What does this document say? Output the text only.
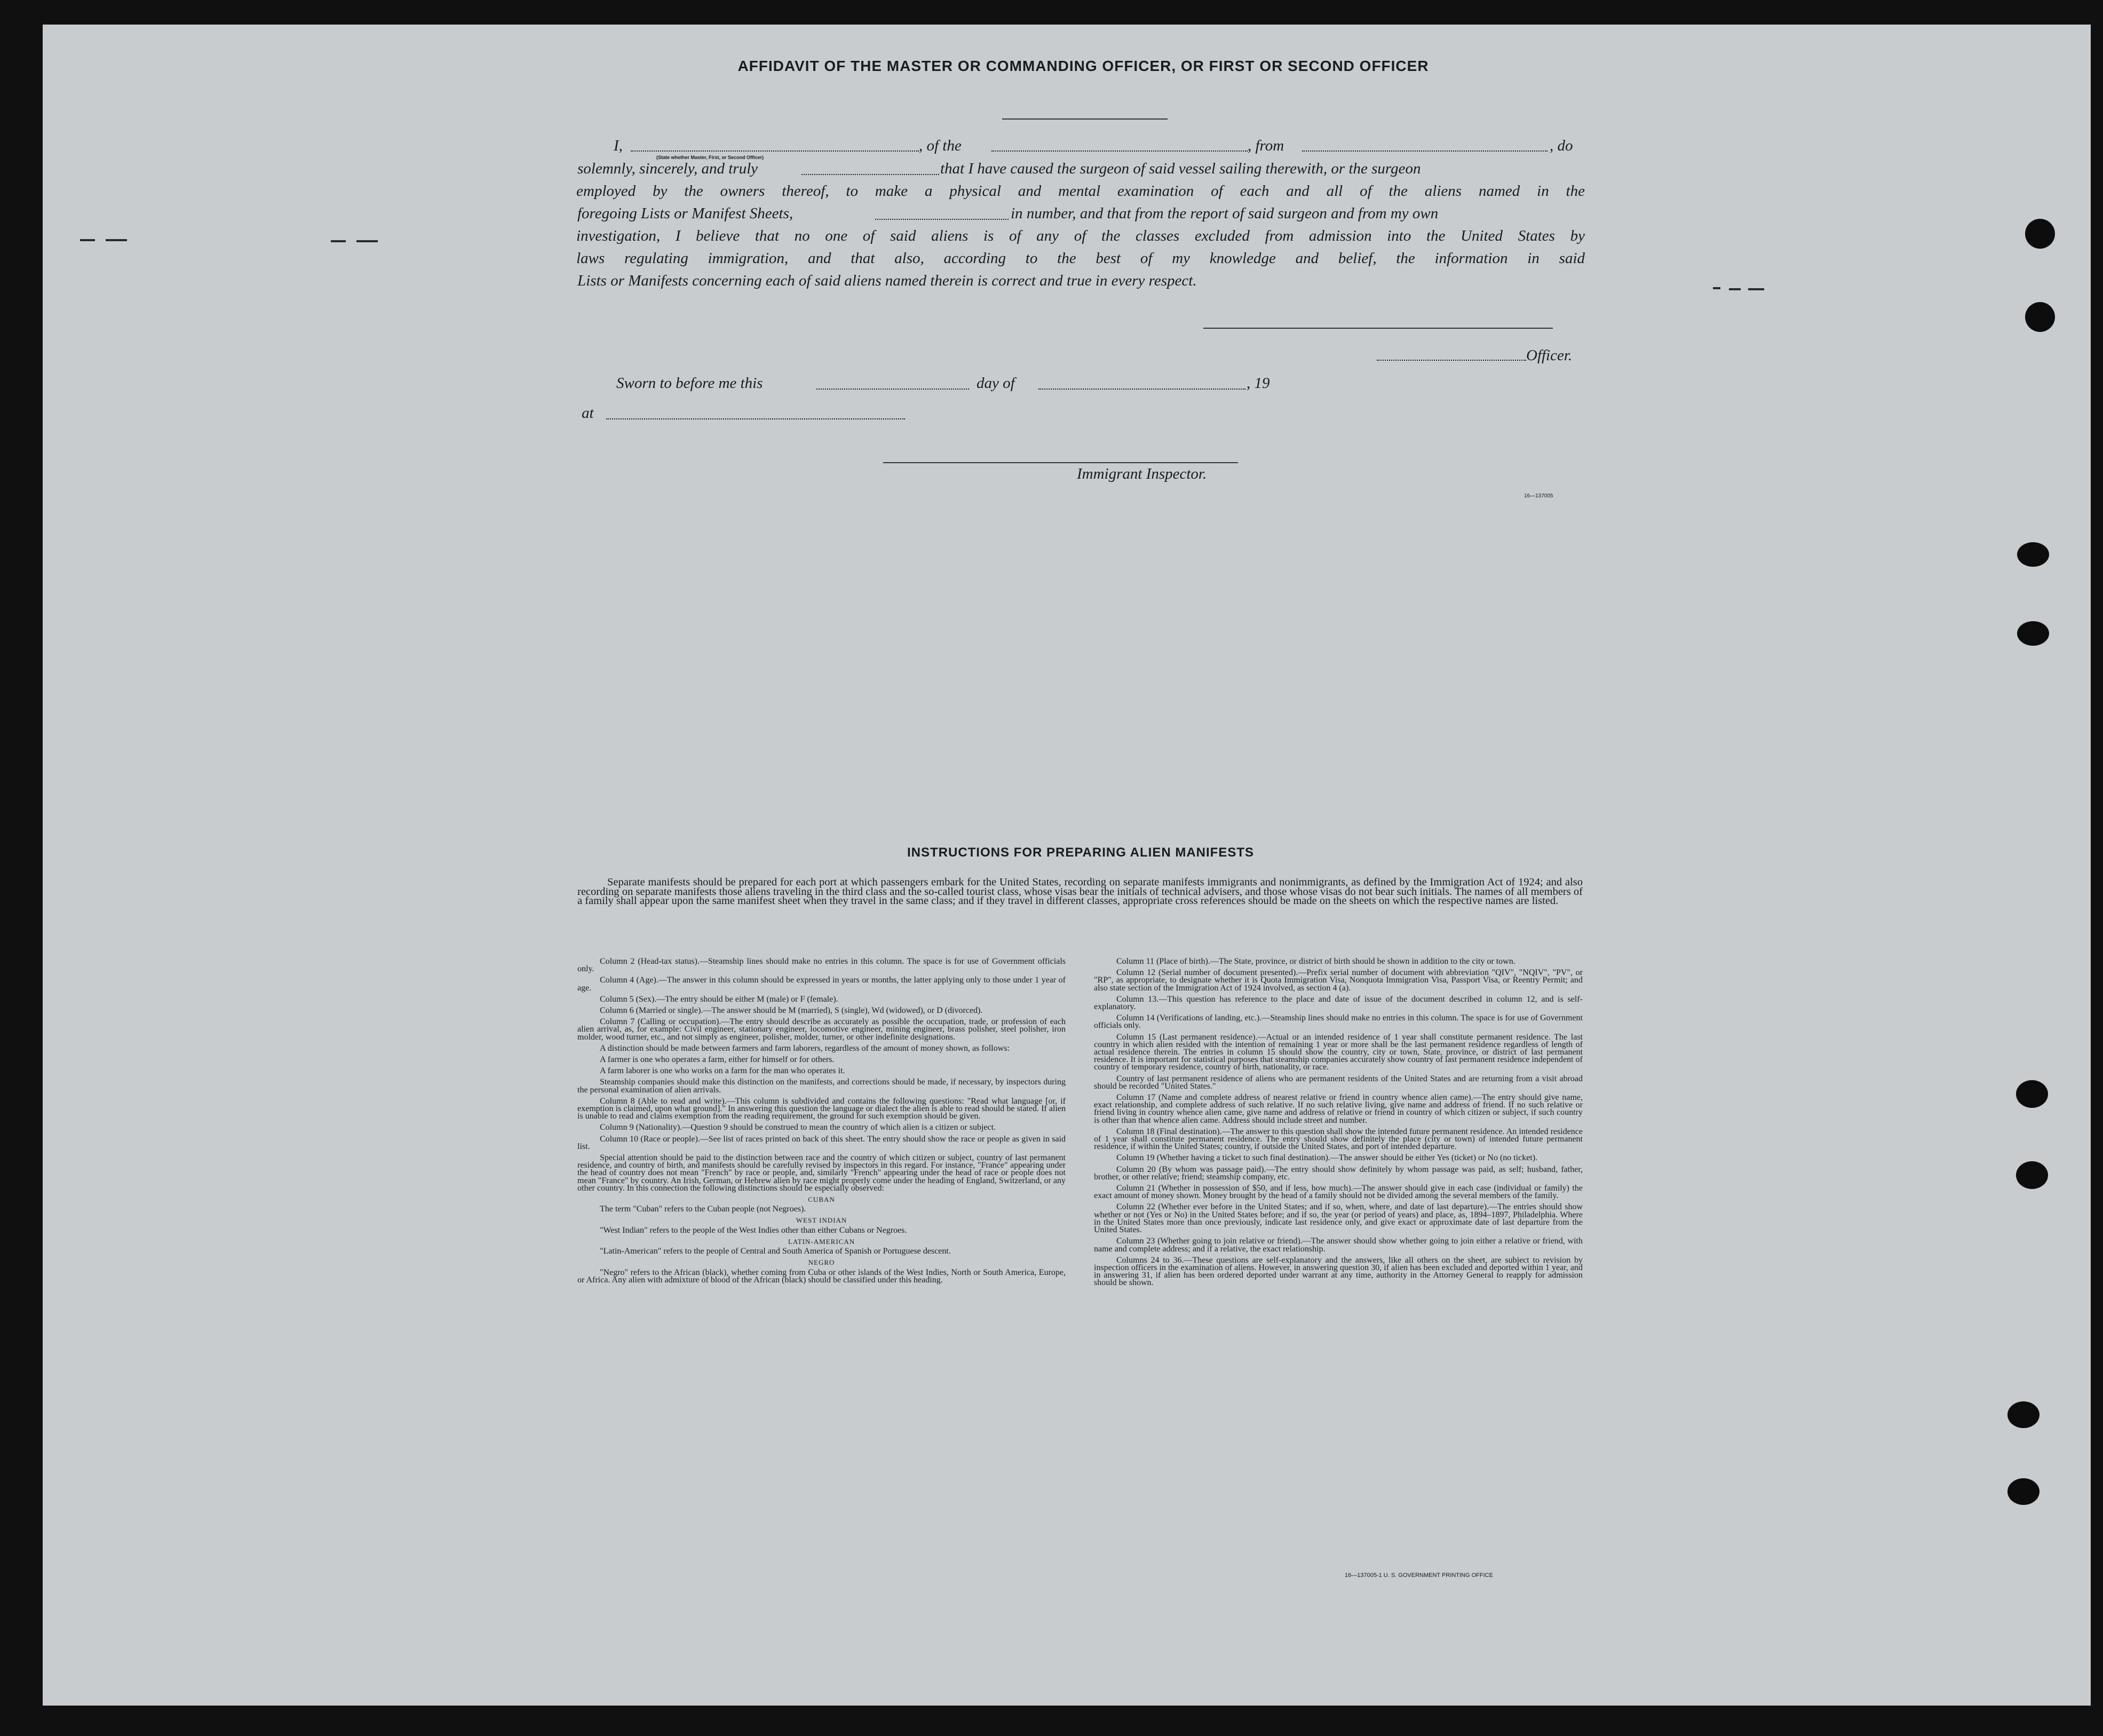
AFFIDAVIT OF THE MASTER OR COMMANDING OFFICER, OR FIRST OR SECOND OFFICER
I,
(State whether Master, First, or Second Officer)
, of the	, from	, do
solemnly, sincerely, and truly	that I have caused the surgeon of said vessel sailing therewith, or the surgeon
employed by the owners thereof, to make a physical and mental examination of each and all of the aliens named in the
foregoing Lists or Manifest Sheets,	in number, and that from the report of said surgeon and from my own
investigation, I believe that no one of said aliens is of any of the classes excluded from admission into the United States by
laws regulating immigration, and that also, according to the best of my knowledge and belief, the information in said
Lists or Manifests concerning each of said aliens named therein is correct and true in every respect.
Officer.
Sworn to before me this	day of	, 19
at
Immigrant Inspector.
16—137005
INSTRUCTIONS FOR PREPARING ALIEN MANIFESTS
Separate manifests should be prepared for each port at which passengers embark for the United States, recording on separate manifests immigrants and nonimmigrants, as defined by the Immigration Act of 1924; and also recording on separate manifests those aliens traveling in the third class and the so-called tourist class, whose visas bear the initials of technical advisers, and those whose visas do not bear such initials. The names of all members of a family shall appear upon the same manifest sheet when they travel in the same class; and if they travel in different classes, appropriate cross references should be made on the sheets on which the respective names are listed.

Column 2 (Head-tax status).—Steamship lines should make no entries in this column. The space is for use of Government officials only.

Column 4 (Age).—The answer in this column should be expressed in years or months, the latter applying only to those under 1 year of age.

Column 5 (Sex).—The entry should be either M (male) or F (female).

Column 6 (Married or single).—The answer should be M (married), S (single), Wd (widowed), or D (divorced).

Column 7 (Calling or occupation).—The entry should describe as accurately as possible the occupation, trade, or profession of each alien arrival, as, for example: Civil engineer, stationary engineer, locomotive engineer, mining engineer, brass polisher, steel polisher, iron molder, wood turner, etc., and not simply as engineer, polisher, molder, turner, or other indefinite designations.

A distinction should be made between farmers and farm laborers, regardless of the amount of money shown, as follows:

A farmer is one who operates a farm, either for himself or for others.

A farm laborer is one who works on a farm for the man who operates it.

Steamship companies should make this distinction on the manifests, and corrections should be made, if necessary, by inspectors during the personal examination of alien arrivals.

Column 8 (Able to read and write).—This column is subdivided and contains the following questions: "Read what language [or, if exemption is claimed, upon what ground]." In answering this question the language or dialect the alien is able to read should be stated. If alien is unable to read and claims exemption from the reading requirement, the ground for such exemption should be given.

Column 9 (Nationality).—Question 9 should be construed to mean the country of which alien is a citizen or subject.

Column 10 (Race or people).—See list of races printed on back of this sheet. The entry should show the race or people as given in said list.

Special attention should be paid to the distinction between race and the country of which citizen or subject, country of last permanent residence, and country of birth, and manifests should be carefully revised by inspectors in this regard. For instance, "France" appearing under the head of country does not mean "French" by race or people, and, similarly "French" appearing under the head of race or people does not mean "France" by country. An Irish, German, or Hebrew alien by race might properly come under the heading of England, Switzerland, or any other country. In this connection the following distinctions should be especially observed:

CUBAN

The term "Cuban" refers to the Cuban people (not Negroes).

WEST INDIAN

"West Indian" refers to the people of the West Indies other than either Cubans or Negroes.

LATIN-AMERICAN

"Latin-American" refers to the people of Central and South America of Spanish or Portuguese descent.

NEGRO

"Negro" refers to the African (black), whether coming from Cuba or other islands of the West Indies, North or South America, Europe, or Africa. Any alien with admixture of blood of the African (black) should be classified under this heading.

Column 11 (Place of birth).—The State, province, or district of birth should be shown in addition to the city or town.

Column 12 (Serial number of document presented).—Prefix serial number of document with abbreviation "QIV", "NQIV", "PV", or "RP", as appropriate, to designate whether it is Quota Immigration Visa, Nonquota Immigration Visa, Passport Visa, or Reentry Permit; and also state section of the Immigration Act of 1924 involved, as section 4 (a).

Column 13.—This question has reference to the place and date of issue of the document described in column 12, and is self-explanatory.

Column 14 (Verifications of landing, etc.).—Steamship lines should make no entries in this column. The space is for use of Government officials only.

Column 15 (Last permanent residence).—Actual or an intended residence of 1 year shall constitute permanent residence. The last country in which alien resided with the intention of remaining 1 year or more shall be the last permanent residence regardless of length of actual residence therein. The entries in column 15 should show the country, city or town, State, province, or district of last permanent residence. It is important for statistical purposes that steamship companies accurately show country of last permanent residence independent of country of temporary residence, country of birth, nationality, or race.

Country of last permanent residence of aliens who are permanent residents of the United States and are returning from a visit abroad should be recorded "United States."

Column 17 (Name and complete address of nearest relative or friend in country whence alien came).—The entry should give name, exact relationship, and complete address of such relative. If no such relative living, give name and address of friend. If no such relative or friend living in country whence alien came, give name and address of relative or friend in country of which citizen or subject, if such country is other than that whence alien came. Address should include street and number.

Column 18 (Final destination).—The answer to this question shall show the intended future permanent residence. An intended residence of 1 year shall constitute permanent residence. The entry should show definitely the place (city or town) of intended future permanent residence, if within the United States; country, if outside the United States, and port of intended departure.

Column 19 (Whether having a ticket to such final destination).—The answer should be either Yes (ticket) or No (no ticket).

Column 20 (By whom was passage paid).—The entry should show definitely by whom passage was paid, as self; husband, father, brother, or other relative; friend; steamship company, etc.

Column 21 (Whether in possession of $50, and if less, how much).—The answer should give in each case (individual or family) the exact amount of money shown. Money brought by the head of a family should not be divided among the several members of the family.

Column 22 (Whether ever before in the United States; and if so, when, where, and date of last departure).—The entries should show whether or not (Yes or No) in the United States before; and if so, the year (or period of years) and place, as, 1894–1897, Philadelphia. Where in the United States more than once previously, indicate last residence only, and give exact or approximate date of last departure from the United States.

Column 23 (Whether going to join relative or friend).—The answer should show whether going to join either a relative or friend, with name and complete address; and if a relative, the exact relationship.

Columns 24 to 36.—These questions are self-explanatory and the answers, like all others on the sheet, are subject to revision by inspection officers in the examination of aliens. However, in answering question 30, if alien has been excluded and deported within 1 year, and in answering 31, if alien has been ordered deported under warrant at any time, authority in the Attorney General to reapply for admission should be shown.

16—137005-1 U. S. GOVERNMENT PRINTING OFFICE
